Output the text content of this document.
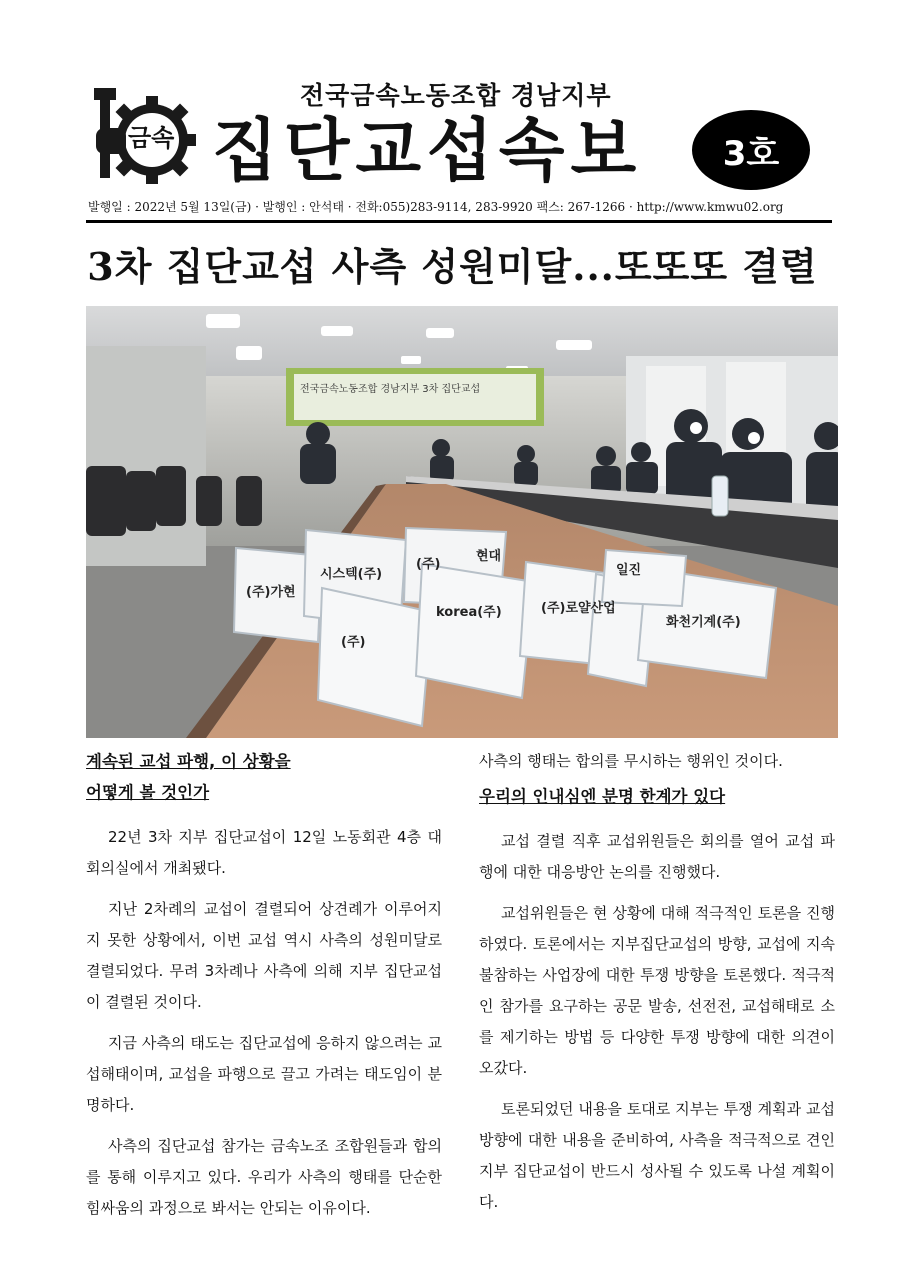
금속
전국금속노동조합 경남지부
집단교섭속보	3호
발행일 : 2022년 5월 13일(금) · 발행인 : 안석태 · 전화:055)283-9114, 283-9920 팩스: 267-1266 · http://www.kmwu02.org
3차 집단교섭 사측 성원미달...또또또 결렬
전국금속노동조합 경남지부 3차 집단교섭
(주)가현
시스텍(주)
(주)
현대
(주)로얄산업
화천기계(주)
일진
korea(주)
(주)

계속된 교섭 파행, 이 상황을

어떻게 볼 것인가

22년 3차 지부 집단교섭이 12일 노동회관 4층 대회의실에서 개최됐다.

지난 2차례의 교섭이 결렬되어 상견례가 이루어지지 못한 상황에서, 이번 교섭 역시 사측의 성원미달로 결렬되었다. 무려 3차례나 사측에 의해 지부 집단교섭이 결렬된 것이다.

지금 사측의 태도는 집단교섭에 응하지 않으려는 교섭해태이며, 교섭을 파행으로 끌고 가려는 태도임이 분명하다.

사측의 집단교섭 참가는 금속노조 조합원들과 합의를 통해 이루지고 있다. 우리가 사측의 행태를 단순한 힘싸움의 과정으로 봐서는 안되는 이유이다.

사측의 행태는 합의를 무시하는 행위인 것이다.

우리의 인내심엔 분명 한계가 있다

교섭 결렬 직후 교섭위원들은 회의를 열어 교섭 파행에 대한 대응방안 논의를 진행했다.

교섭위원들은 현 상황에 대해 적극적인 토론을 진행하였다. 토론에서는 지부집단교섭의 방향, 교섭에 지속 불참하는 사업장에 대한 투쟁 방향을 토론했다. 적극적인 참가를 요구하는 공문 발송, 선전전, 교섭해태로 소를 제기하는 방법 등 다양한 투쟁 방향에 대한 의견이 오갔다.

토론되었던 내용을 토대로 지부는 투쟁 계획과 교섭 방향에 대한 내용을 준비하여, 사측을 적극적으로 견인 지부 집단교섭이 반드시 성사될 수 있도록 나설 계획이다.
